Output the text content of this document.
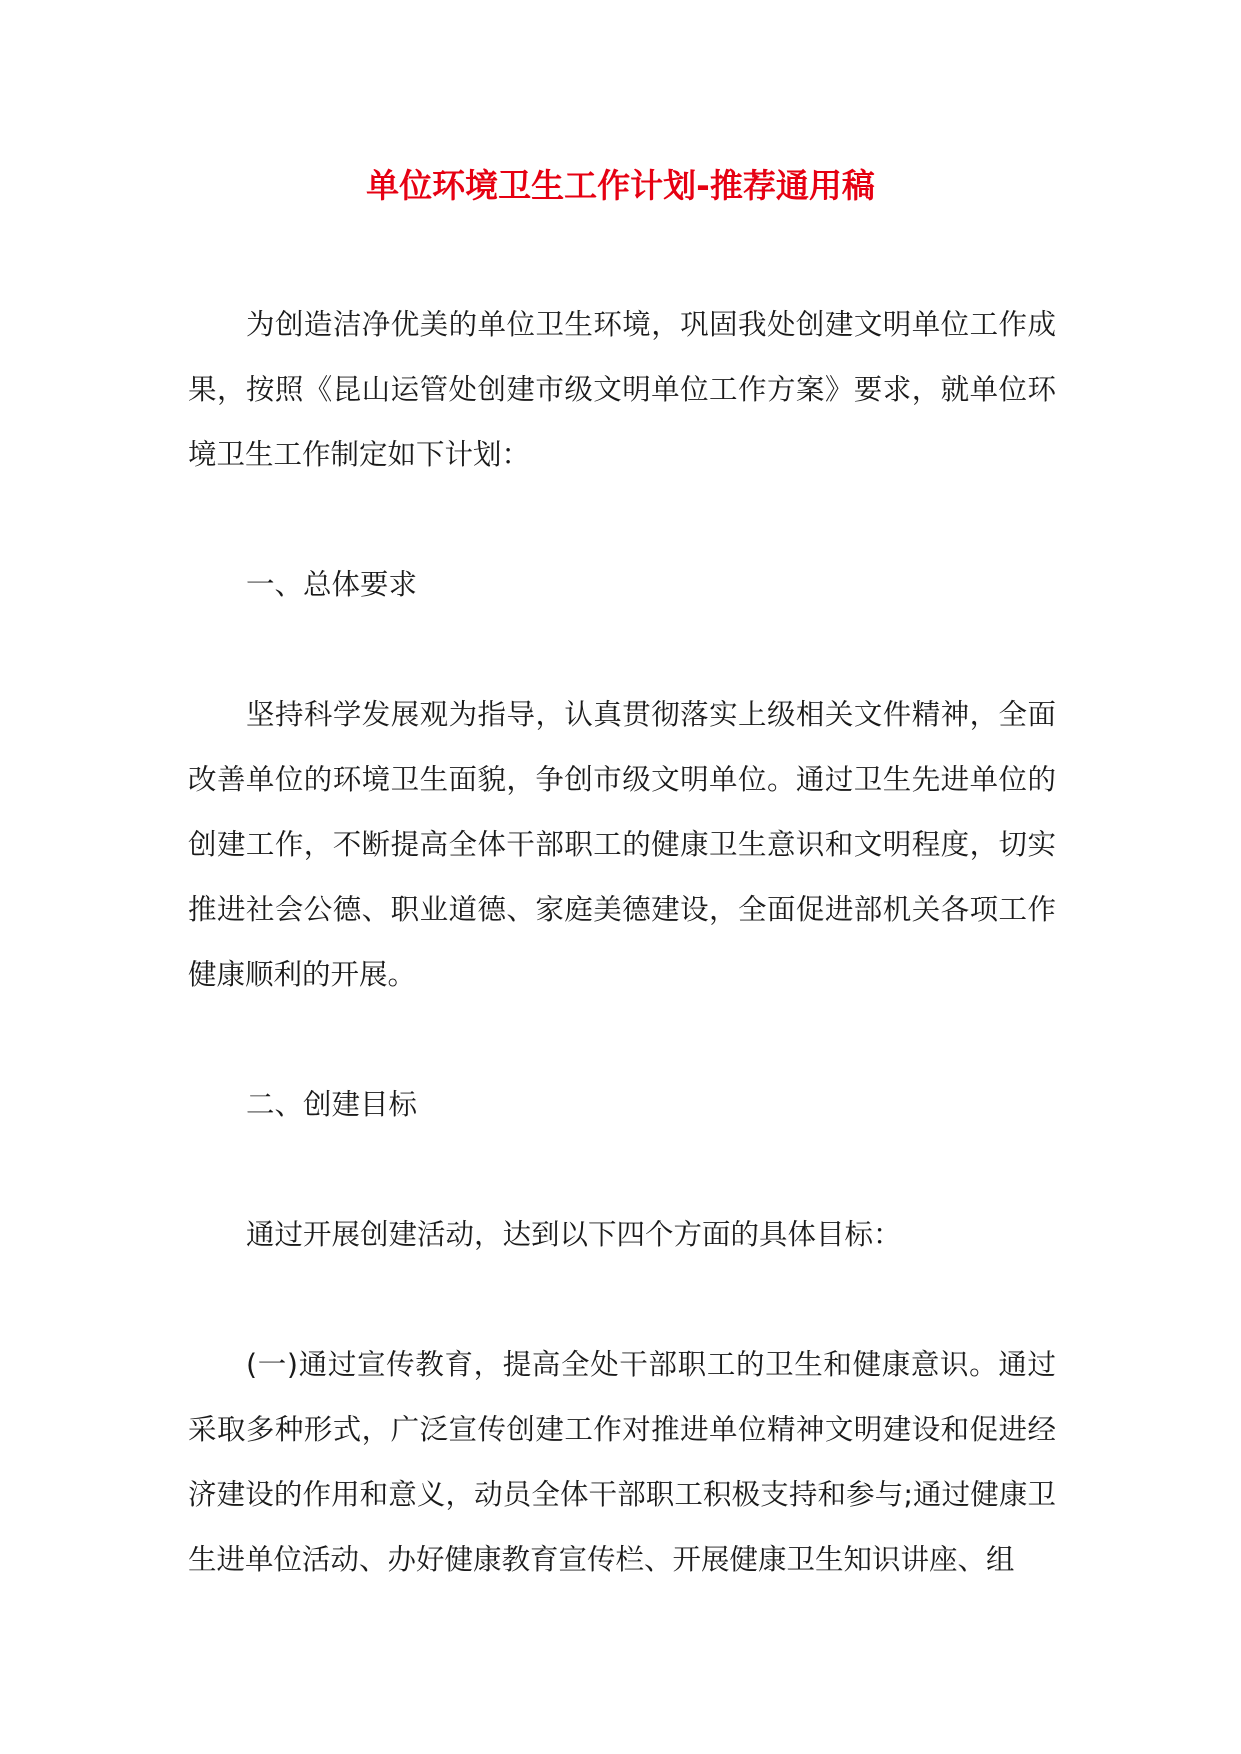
单位环境卫生工作计划-推荐通用稿

为创造洁净优美的单位卫生环境，巩固我处创建文明单位工作成果，按照《昆山运管处创建市级文明单位工作方案》要求，就单位环境卫生工作制定如下计划：

一、总体要求

坚持科学发展观为指导，认真贯彻落实上级相关文件精神，全面改善单位的环境卫生面貌，争创市级文明单位。通过卫生先进单位的创建工作，不断提高全体干部职工的健康卫生意识和文明程度，切实推进社会公德、职业道德、家庭美德建设，全面促进部机关各项工作健康顺利的开展。

二、创建目标

通过开展创建活动，达到以下四个方面的具体目标：

(一)通过宣传教育，提高全处干部职工的卫生和健康意识。通过采取多种形式，广泛宣传创建工作对推进单位精神文明建设和促进经济建设的作用和意义，动员全体干部职工积极支持和参与;通过健康卫生进单位活动、办好健康教育宣传栏、开展健康卫生知识讲座、组
